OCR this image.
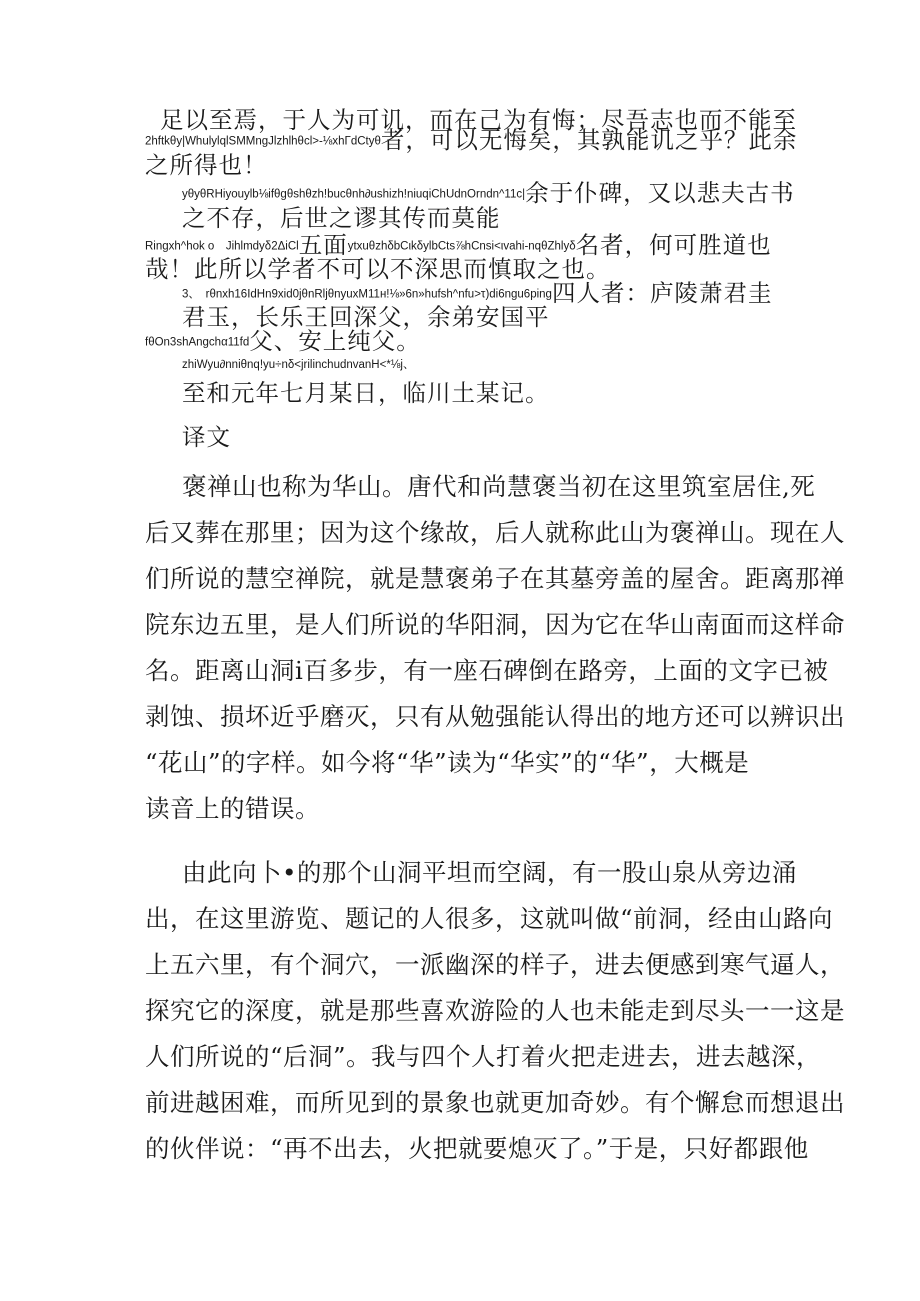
足以至焉，于人为可讥，而在己为有悔；尽吾志也而不能至
2hftkθy|WhulylqlSMMngJlzhlhθcl>-⅛xhΓdCtyθ者，可以无悔矣，其孰能讥之乎？此余
之所得也！
yθyθRHiyouylb⅛ifθgθshθzh!bucθnh∂ushizh!niuqiChUdnOrndn^11c|余于仆碑，又以悲夫古书
之不存，后世之谬其传而莫能
Ringxh^hok o　Jihlmdyδ2ΔiCl五面ytxuθzhδbCιkδylbCts⅞hCnsi<ιvahi-nqθZhlyδ名者，何可胜道也
哉！此所以学者不可以不深思而慎取之也。
3、　rθnxh16IdHn9xid0jθnRljθnyuxM11н!⅛»6n»hufsh^nfu>τ)di6ngu6ping四人者：庐陵萧君圭
君玉，长乐王回深父，余弟安国平
fθOn3shAngchα11fd父、安上纯父。
zhiWyu∂nniθnq!yu÷nδ<jrilinchudnvanH<*⅛j、
至和元年七月某日，临川土某记。
译文
褒禅山也称为华山。唐代和尚慧褒当初在这里筑室居住,死
后又葬在那里；因为这个缘故，后人就称此山为褒禅山。现在人
们所说的慧空禅院，就是慧褒弟子在其墓旁盖的屋舍。距离那禅
院东边五里，是人们所说的华阳洞，因为它在华山南面而这样命
名。距离山洞i百多步，有一座石碑倒在路旁，上面的文字已被
剥蚀、损坏近乎磨灭，只有从勉强能认得出的地方还可以辨识出
“花山”的字样。如今将“华”读为“华实”的“华”，大概是
读音上的错误。
由此向卜•的那个山洞平坦而空阔，有一股山泉从旁边涌
出，在这里游览、题记的人很多，这就叫做“前洞，经由山路向
上五六里，有个洞穴，一派幽深的样子，进去便感到寒气逼人，
探究它的深度，就是那些喜欢游险的人也未能走到尽头一一这是
人们所说的“后洞”。我与四个人打着火把走进去，进去越深，
前进越困难，而所见到的景象也就更加奇妙。有个懈怠而想退出
的伙伴说：“再不出去，火把就要熄灭了。”于是，只好都跟他
